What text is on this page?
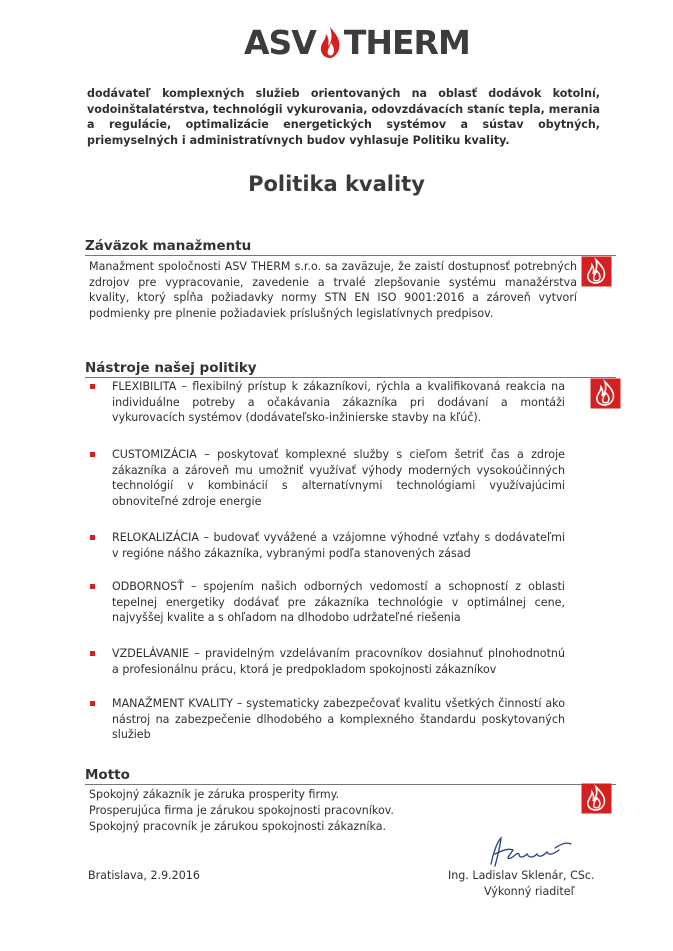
ASV THERM
dodávateľ komplexných služieb orientovaných na oblasť dodávok kotolní, vodoinštalatérstva, technológii vykurovania, odovzdávacích staníc tepla, merania a regulácie, optimalizácie energetických systémov a sústav obytných, priemyselných i administratívnych budov vyhlasuje Politiku kvality.
Politika kvality
Záväzok manažmentu
Manažment spoločnosti ASV THERM s.r.o. sa zaväzuje, že zaistí dostupnosť potrebných zdrojov pre vypracovanie, zavedenie a trvalé zlepšovanie systému manažérstva kvality, ktorý spĺňa požiadavky normy STN EN ISO 9001:2016 a zároveň vytvorí podmienky pre plnenie požiadaviek príslušných legislatívnych predpisov.
Nástroje našej politiky
FLEXIBILITA – flexibilný prístup k zákazníkovi, rýchla a kvalifikovaná reakcia na individuálne potreby a očakávania zákazníka pri dodávaní a montáži vykurovacích systémov (dodávateľsko-inžinierske stavby na kľúč).
CUSTOMIZÁCIA – poskytovať komplexné služby s cieľom šetriť čas a zdroje zákazníka a zároveň mu umožniť využívať výhody moderných vysokoúčinných technológií v kombinácií s alternatívnymi technológiami využívajúcimi obnoviteľné zdroje energie
RELOKALIZÁCIA – budovať vyvážené a vzájomne výhodné vzťahy s dodávateľmi v regióne nášho zákazníka, vybranými podľa stanovených zásad
ODBORNOSŤ – spojením našich odborných vedomostí a schopností z oblasti tepelnej energetiky dodávať pre zákazníka technológie v optimálnej cene, najvyššej kvalite a s ohľadom na dlhodobo udržateľné riešenia
VZDELÁVANIE – pravidelným vzdelávaním pracovníkov dosiahnuť plnohodnotnú a profesionálnu prácu, ktorá je predpokladom spokojnosti zákazníkov
MANAŽMENT KVALITY – systematicky zabezpečovať kvalitu všetkých činností ako nástroj na zabezpečenie dlhodobého a komplexného štandardu poskytovaných služieb
Motto
Spokojný zákazník je záruka prosperity firmy.
Prosperujúca firma je zárukou spokojnosti pracovníkov.
Spokojný pracovník je zárukou spokojnosti zákazníka.
Bratislava, 2.9.2016	Ing. Ladislav Sklenár, CSc.
Výkonný riaditeľ
